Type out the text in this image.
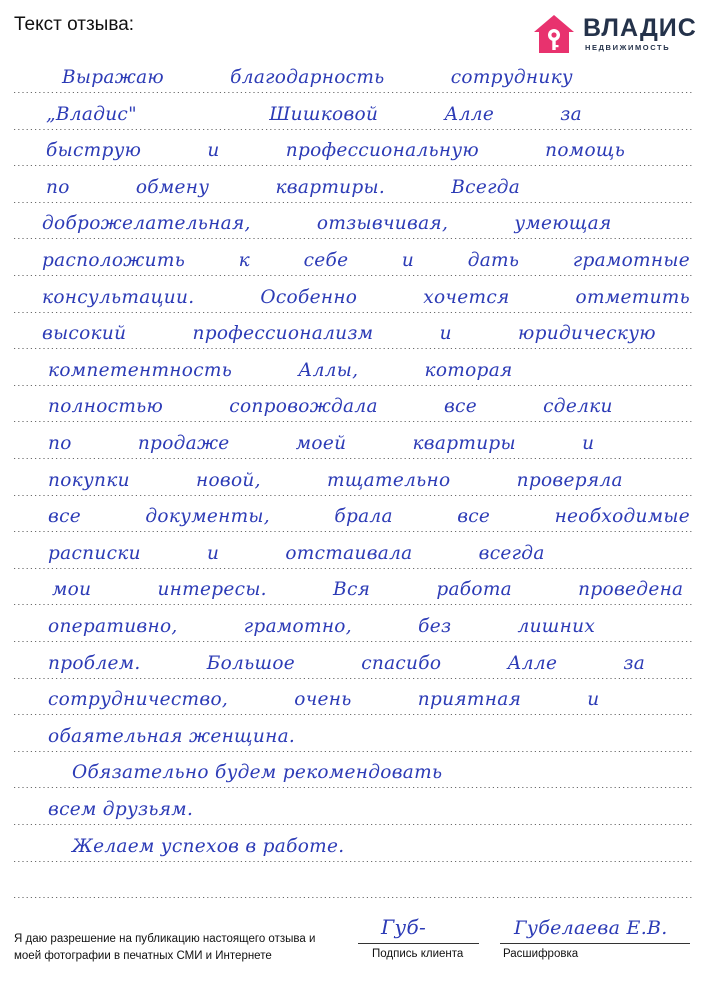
Текст отзыва:	ВЛАДИС
НЕДВИЖИМОСТЬ
Выражаю благодарность сотруднику
„Владис"  Шишковой Алле за
быструю и профессиональную помощь
по обмену квартиры. Всегда
доброжелательная, отзывчивая, умеющая
расположить к себе и дать грамотные
консультации. Особенно хочется отметить
высокий профессионализм и юридическую
компетентность Аллы, которая
полностью сопровождала все сделки
по продаже моей квартиры и
покупки новой, тщательно проверяла
все документы, брала все необходимые
расписки и отстаивала всегда
мои интересы. Вся работа проведена
оперативно, грамотно, без лишних
проблем. Большое спасибо Алле за
сотрудничество, очень приятная и
обаятельная женщина.
Обязательно будем рекомендовать
всем друзьям.
Желаем успехов в работе.
Я даю разрешение на публикацию настоящего отзыва и моей фотографии в печатных СМИ и Интернете
Губ-
Подпись клиента
Губелаева Е.В.
Расшифровка
